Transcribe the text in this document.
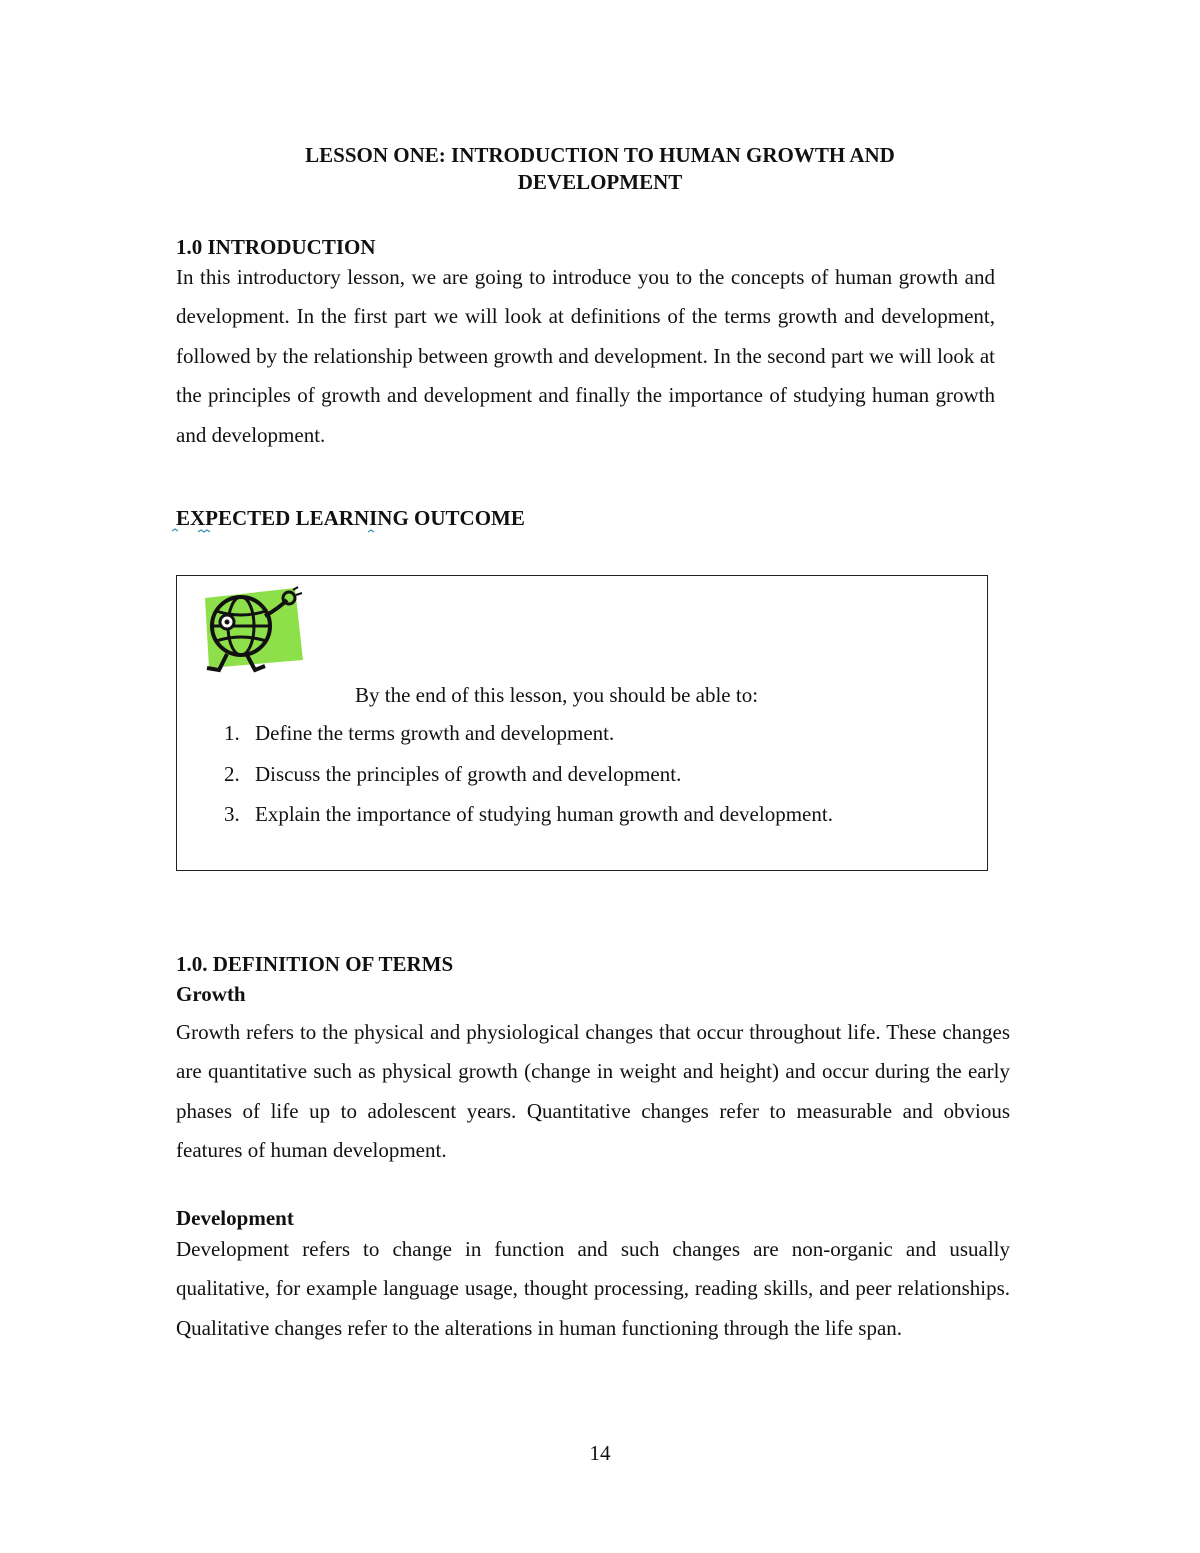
LESSON ONE: INTRODUCTION TO HUMAN GROWTH AND
DEVELOPMENT
1.0 INTRODUCTION

In this introductory lesson, we are going to introduce you to the concepts of human growth and development. In the first part we will look at definitions of the terms growth and development, followed by the relationship between growth and development. In the second part we will look at the principles of growth and development and finally the importance of studying human growth and development.

EXPECTED LEARNING OUTCOME
By the end of this lesson, you should be able to:
1. Define the terms growth and development.
2. Discuss the principles of growth and development.
3. Explain the importance of studying human growth and development.
1.0. DEFINITION OF TERMS
Growth

Growth refers to the physical and physiological changes that occur throughout life. These changes are quantitative such as physical growth (change in weight and height) and occur during the early phases of life up to adolescent years. Quantitative changes refer to measurable and obvious features of human development.

Development

Development refers to change in function and such changes are non-organic and usually qualitative, for example language usage, thought processing, reading skills, and peer relationships. Qualitative changes refer to the alterations in human functioning through the life span.

14
